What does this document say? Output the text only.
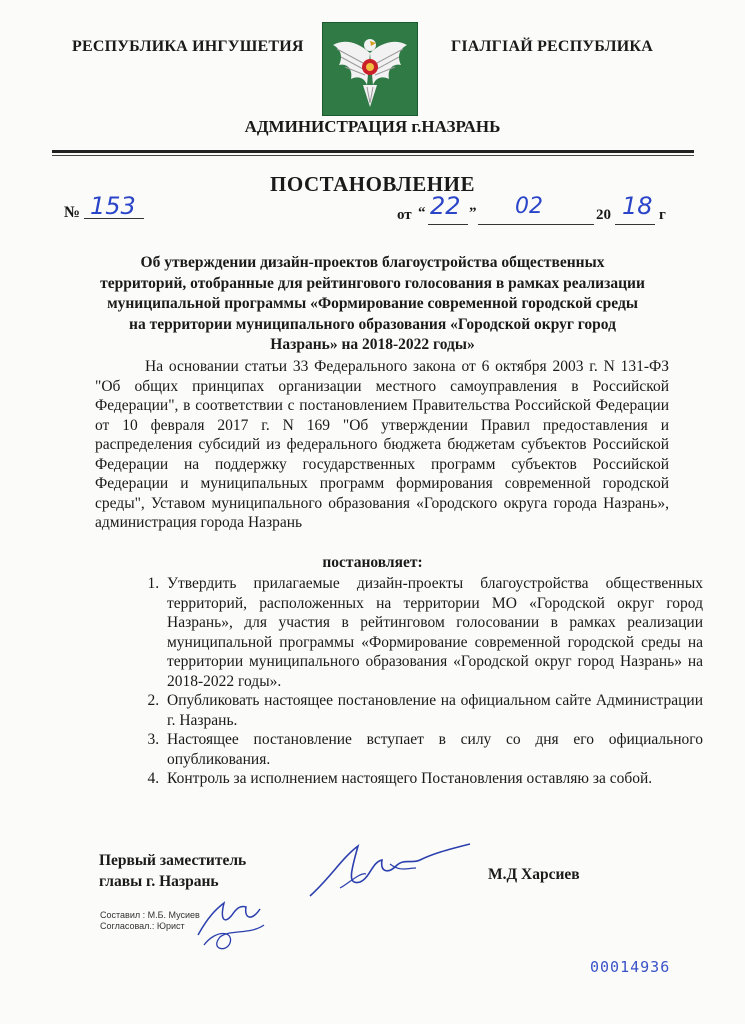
РЕСПУБЛИКА ИНГУШЕТИЯ	ГIАЛГIАЙ РЕСПУБЛИКА
АДМИНИСТРАЦИЯ г.НАЗРАНЬ
ПОСТАНОВЛЕНИЕ
№ 153	от “ 22 ” 02	20 18 г
Об утверждении дизайн-проектов благоустройства общественных территорий, отобранные для рейтингового голосования в рамках реализации муниципальной программы «Формирование современной городской среды на территории муниципального образования «Городской округ город Назрань» на 2018-2022 годы»
На основании статьи 33 Федерального закона от 6 октября 2003 г. N 131-ФЗ "Об общих принципах организации местного самоуправления в Российской Федерации", в соответствии с постановлением Правительства Российской Федерации от 10 февраля 2017 г. N 169 "Об утверждении Правил предоставления и распределения субсидий из федерального бюджета бюджетам субъектов Российской Федерации на поддержку государственных программ субъектов Российской Федерации и муниципальных программ формирования современной городской среды", Уставом муниципального образования «Городского округа города Назрань», администрация города Назрань
постановляет:
1. Утвердить прилагаемые дизайн-проекты благоустройства общественных территорий, расположенных на территории МО «Городской округ город Назрань», для участия в рейтинговом голосовании в рамках реализации муниципальной программы «Формирование современной городской среды на территории муниципального образования «Городской округ город Назрань» на 2018-2022 годы».
2. Опубликовать настоящее постановление на официальном сайте Администрации г. Назрань.
3. Настоящее постановление вступает в силу со дня его официального опубликования.
4. Контроль за исполнением настоящего Постановления оставляю за собой.
Первый заместитель
главы г. Назрань	М.Д Харсиев
Составил : М.Б. Мусиев
Согласовал.: Юрист
00014936
